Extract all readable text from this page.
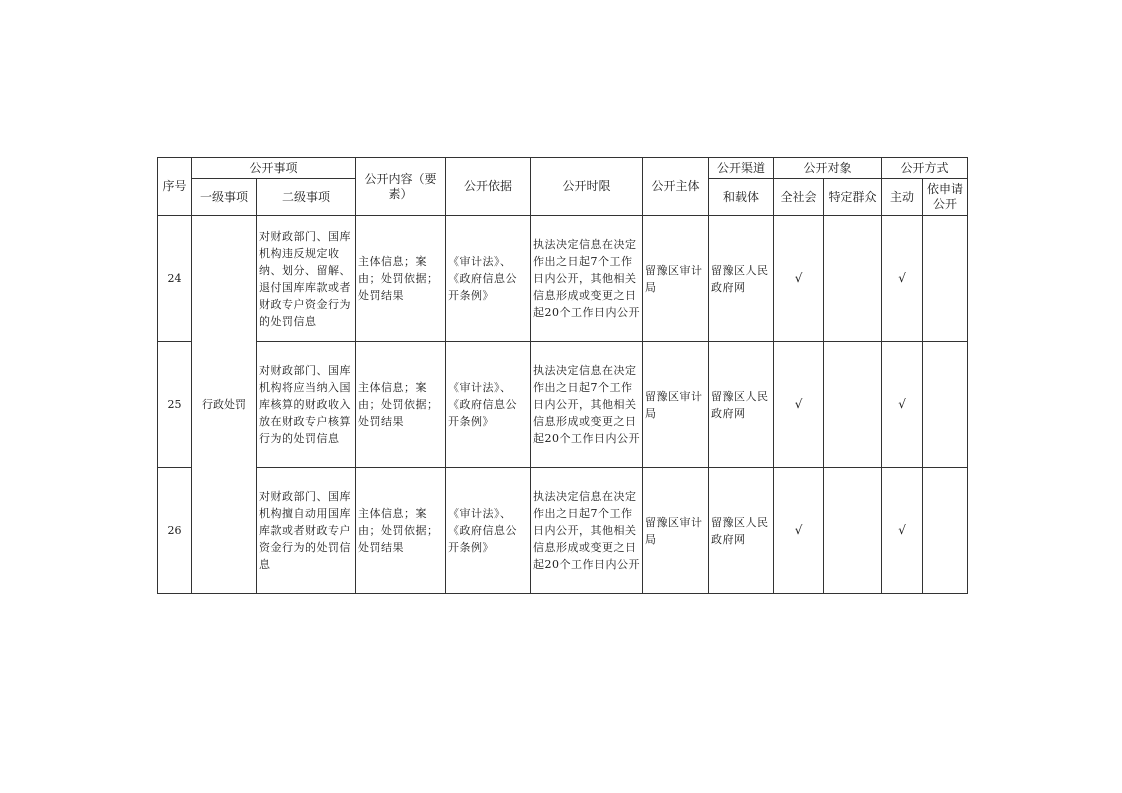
序号	公开事项		公开内容（要素）	公开依据	公开时限	公开主体	公开渠道	公开对象		公开方式	
	一级事项	二级事项					和载体	全社会	特定群众	主动	依申请公开
24	行政处罚	对财政部门、国库机构违反规定收纳、划分、留解、退付国库库款或者财政专户资金行为的处罚信息	主体信息；案由；处罚依据；处罚结果	《审计法》、《政府信息公开条例》	执法决定信息在决定作出之日起7个工作日内公开，其他相关信息形成或变更之日起20个工作日内公开	留豫区审计局	留豫区人民政府网	√		√	
25		对财政部门、国库机构将应当纳入国库核算的财政收入放在财政专户核算行为的处罚信息	主体信息；案由；处罚依据；处罚结果	《审计法》、《政府信息公开条例》	执法决定信息在决定作出之日起7个工作日内公开，其他相关信息形成或变更之日起20个工作日内公开	留豫区审计局	留豫区人民政府网	√		√	
26		对财政部门、国库机构擅自动用国库库款或者财政专户资金行为的处罚信息	主体信息；案由；处罚依据；处罚结果	《审计法》、《政府信息公开条例》	执法决定信息在决定作出之日起7个工作日内公开，其他相关信息形成或变更之日起20个工作日内公开	留豫区审计局	留豫区人民政府网	√		√	
